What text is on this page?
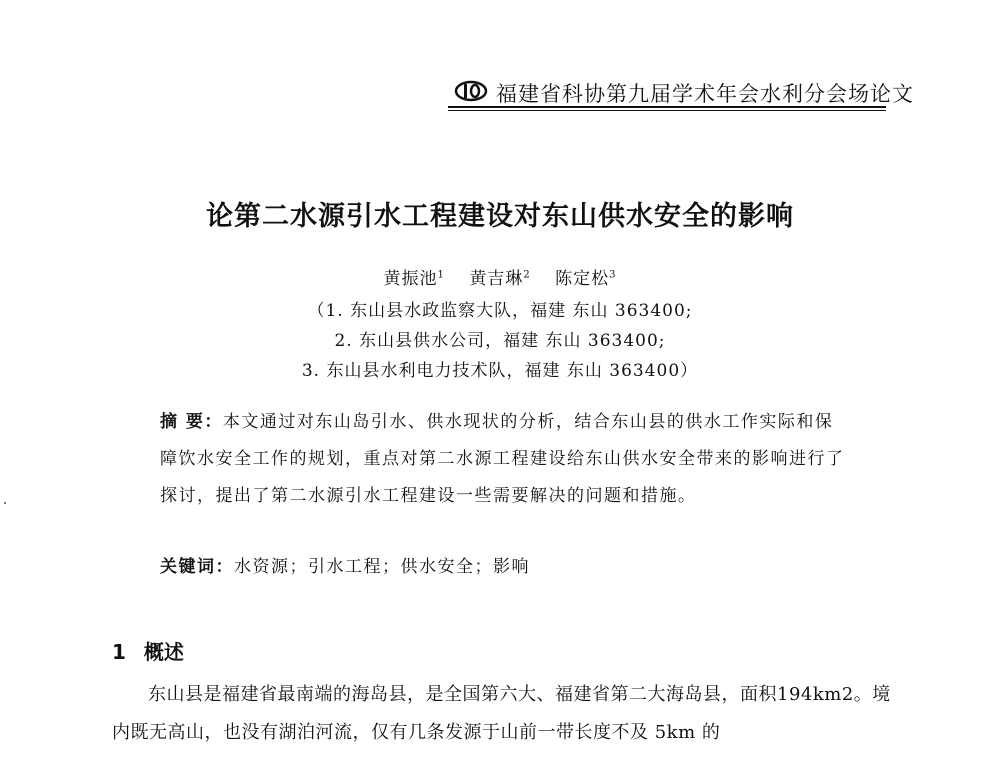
福建省科协第九届学术年会水利分会场论文
论第二水源引水工程建设对东山供水安全的影响
黄振池$^1$ 黄吉琳$^2$ 陈定松$^3$
（1. 东山县水政监察大队，福建 东山 363400;
2. 东山县供水公司，福建 东山 363400;
3. 东山县水利电力技术队，福建 东山 363400）
摘 要：本文通过对东山岛引水、供水现状的分析，结合东山县的供水工作实际和保障饮水安全工作的规划，重点对第二水源工程建设给东山供水安全带来的影响进行了探讨，提出了第二水源引水工程建设一些需要解决的问题和措施。
关键词：水资源；引水工程；供水安全；影响
1 概述
东山县是福建省最南端的海岛县，是全国第六大、福建省第二大海岛县，面积194km2。境内既无高山，也没有湖泊河流，仅有几条发源于山前一带长度不及 5km 的
